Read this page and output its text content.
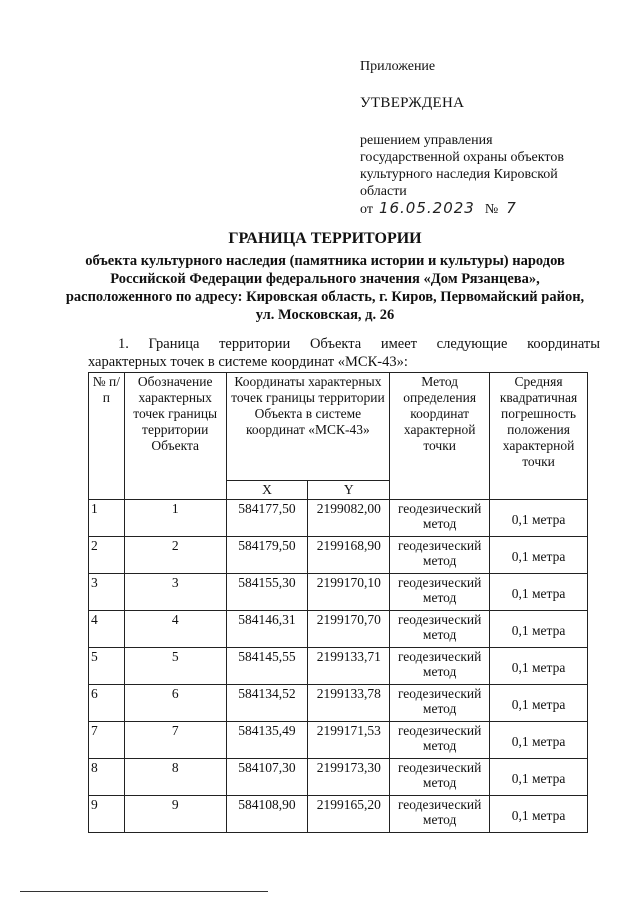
Приложение
УТВЕРЖДЕНА
решением управления
государственной охраны объектов
культурного наследия Кировской
области
от 16.05.2023 № 7
ГРАНИЦА ТЕРРИТОРИИ
объекта культурного наследия (памятника истории и культуры) народов Российской Федерации федерального значения «Дом Рязанцева», расположенного по адресу: Кировская область, г. Киров, Первомайский район, ул. Московская, д. 26
1. Граница территории Объекта имеет следующие координаты
характерных точек в системе координат «МСК-43»:
№ п/п	Обозначение характерных точек границы территории Объекта	Координаты характерных точек границы территории Объекта в системе координат «МСК-43»		Метод определения координат характерной точки	Средняя квадратичная погрешность положения характерной точки
		X	Y		
1	1	584177,50	2199082,00	геодезический метод	0,1 метра
2	2	584179,50	2199168,90	геодезический метод	0,1 метра
3	3	584155,30	2199170,10	геодезический метод	0,1 метра
4	4	584146,31	2199170,70	геодезический метод	0,1 метра
5	5	584145,55	2199133,71	геодезический метод	0,1 метра
6	6	584134,52	2199133,78	геодезический метод	0,1 метра
7	7	584135,49	2199171,53	геодезический метод	0,1 метра
8	8	584107,30	2199173,30	геодезический метод	0,1 метра
9	9	584108,90	2199165,20	геодезический метод	0,1 метра
